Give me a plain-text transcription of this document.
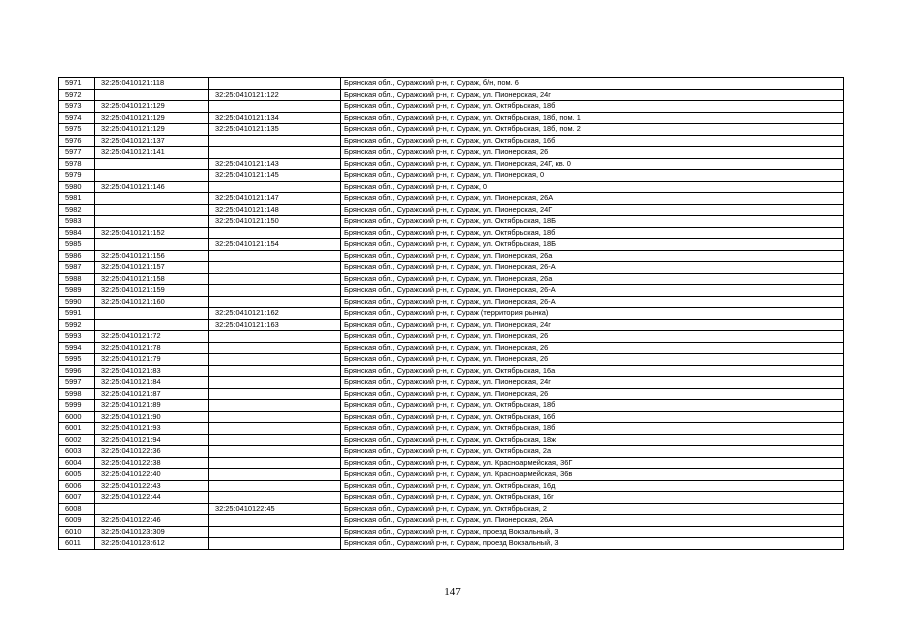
5971	32:25:0410121:118		Брянская обл., Суражский р-н, г. Сураж, б/н, пом. 6
5972		32:25:0410121:122	Брянская обл., Суражский р-н, г. Сураж, ул. Пионерская, 24г
5973	32:25:0410121:129		Брянская обл., Суражский р-н, г. Сураж, ул. Октябрьская, 18б
5974	32:25:0410121:129	32:25:0410121:134	Брянская обл., Суражский р-н, г. Сураж, ул. Октябрьская, 18б, пом. 1
5975	32:25:0410121:129	32:25:0410121:135	Брянская обл., Суражский р-н, г. Сураж, ул. Октябрьская, 18б, пом. 2
5976	32:25:0410121:137		Брянская обл., Суражский р-н, г. Сураж, ул. Октябрьская, 16б
5977	32:25:0410121:141		Брянская обл., Суражский р-н, г. Сураж, ул. Пионерская, 26
5978		32:25:0410121:143	Брянская обл., Суражский р-н, г. Сураж, ул. Пионерская, 24Г, кв. 0
5979		32:25:0410121:145	Брянская обл., Суражский р-н, г. Сураж, ул. Пионерская, 0
5980	32:25:0410121:146		Брянская обл., Суражский р-н, г. Сураж, 0
5981		32:25:0410121:147	Брянская обл., Суражский р-н, г. Сураж, ул. Пионерская, 26А
5982		32:25:0410121:148	Брянская обл., Суражский р-н, г. Сураж, ул. Пионерская, 24Г
5983		32:25:0410121:150	Брянская обл., Суражский р-н, г. Сураж, ул. Октябрьская, 18Б
5984	32:25:0410121:152		Брянская обл., Суражский р-н, г. Сураж, ул. Октябрьская, 18б
5985		32:25:0410121:154	Брянская обл., Суражский р-н, г. Сураж, ул. Октябрьская, 18Б
5986	32:25:0410121:156		Брянская обл., Суражский р-н, г. Сураж, ул. Пионерская, 26а
5987	32:25:0410121:157		Брянская обл., Суражский р-н, г. Сураж, ул. Пионерская, 26-А
5988	32:25:0410121:158		Брянская обл., Суражский р-н, г. Сураж, ул. Пионерская, 26а
5989	32:25:0410121:159		Брянская обл., Суражский р-н, г. Сураж, ул. Пионерская, 26-А
5990	32:25:0410121:160		Брянская обл., Суражский р-н, г. Сураж, ул. Пионерская, 26-А
5991		32:25:0410121:162	Брянская обл., Суражский р-н, г. Сураж (территория рынка)
5992		32:25:0410121:163	Брянская обл., Суражский р-н, г. Сураж, ул. Пионерская, 24г
5993	32:25:0410121:72		Брянская обл., Суражский р-н, г. Сураж, ул. Пионерская, 26
5994	32:25:0410121:78		Брянская обл., Суражский р-н, г. Сураж, ул. Пионерская, 26
5995	32:25:0410121:79		Брянская обл., Суражский р-н, г. Сураж, ул. Пионерская, 26
5996	32:25:0410121:83		Брянская обл., Суражский р-н, г. Сураж, ул. Октябрьская, 16а
5997	32:25:0410121:84		Брянская обл., Суражский р-н, г. Сураж, ул. Пионерская, 24г
5998	32:25:0410121:87		Брянская обл., Суражский р-н, г. Сураж, ул. Пионерская, 26
5999	32:25:0410121:89		Брянская обл., Суражский р-н, г. Сураж, ул. Октябрьская, 18б
6000	32:25:0410121:90		Брянская обл., Суражский р-н, г. Сураж, ул. Октябрьская, 16б
6001	32:25:0410121:93		Брянская обл., Суражский р-н, г. Сураж, ул. Октябрьская, 18б
6002	32:25:0410121:94		Брянская обл., Суражский р-н, г. Сураж, ул. Октябрьская, 18ж
6003	32:25:0410122:36		Брянская обл., Суражский р-н, г. Сураж, ул. Октябрьская, 2а
6004	32:25:0410122:38		Брянская обл., Суражский р-н, г. Сураж, ул. Красноармейская, 36Г
6005	32:25:0410122:40		Брянская обл., Суражский р-н, г. Сураж, ул. Красноармейская, 36в
6006	32:25:0410122:43		Брянская обл., Суражский р-н, г. Сураж, ул. Октябрьская, 16д
6007	32:25:0410122:44		Брянская обл., Суражский р-н, г. Сураж, ул. Октябрьская, 16г
6008		32:25:0410122:45	Брянская обл., Суражский р-н, г. Сураж, ул. Октябрьская, 2
6009	32:25:0410122:46		Брянская обл., Суражский р-н, г. Сураж, ул. Пионерская, 26А
6010	32:25:0410123:309		Брянская обл., Суражский р-н, г. Сураж, проезд Вокзальный, 3
6011	32:25:0410123:612		Брянская обл., Суражский р-н, г. Сураж, проезд Вокзальный, 3
147
